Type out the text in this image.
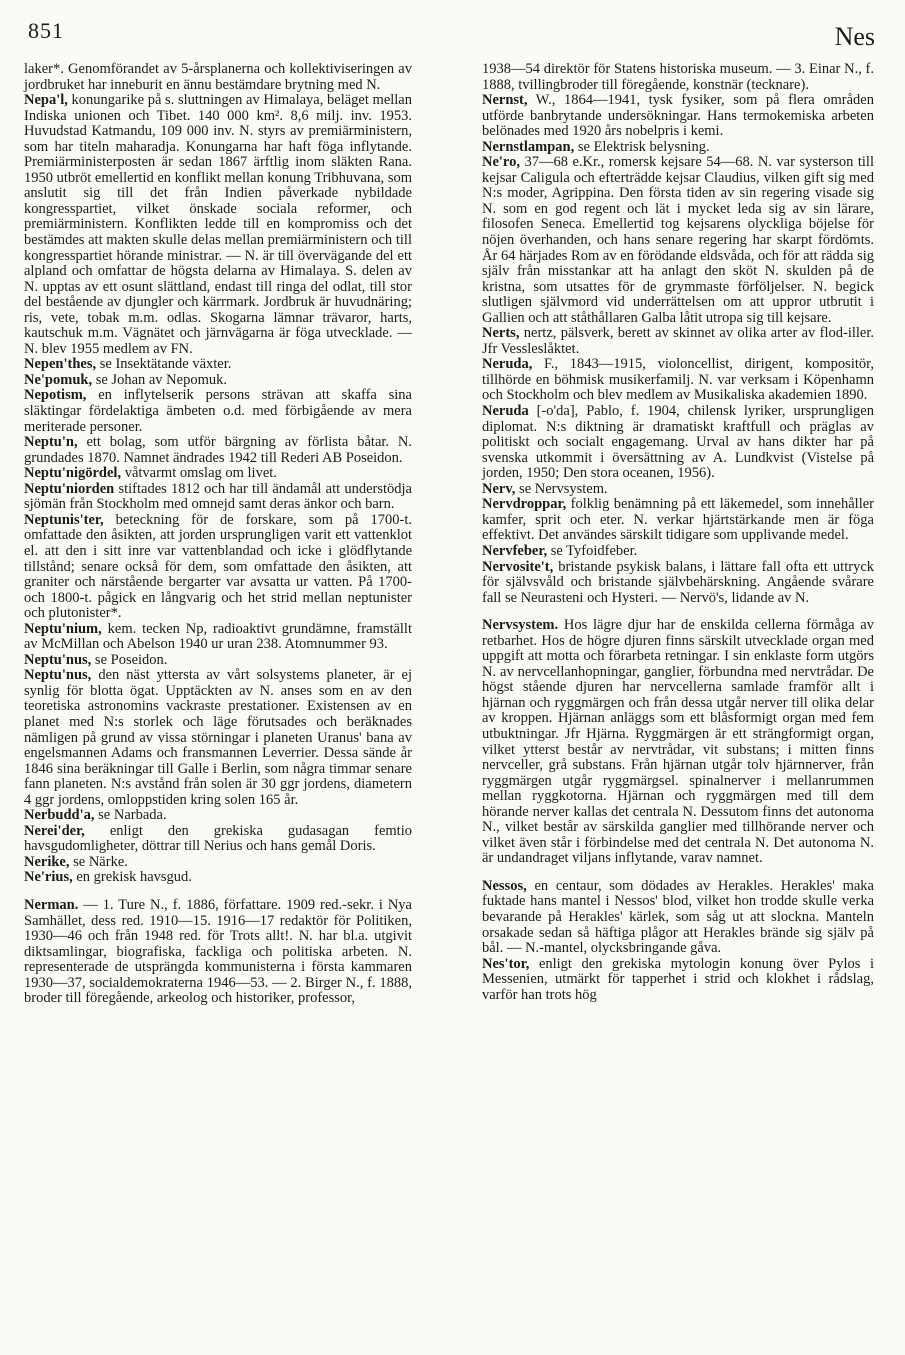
851	Nes

laker*. Genomförandet av 5-årsplanerna och kollektiviseringen av jordbruket har inneburit en ännu bestämdare brytning med N.

Nepa'l, konungarike på s. sluttningen av Himalaya, beläget mellan Indiska unionen och Tibet. 140 000 km². 8,6 milj. inv. 1953. Huvudstad Katmandu, 109 000 inv. N. styrs av premiärministern, som har titeln maharadja. Konungarna har haft föga inflytande. Premiärministerposten är sedan 1867 ärftlig inom släkten Rana. 1950 utbröt emellertid en konflikt mellan konung Tribhuvana, som anslutit sig till det från Indien påverkade nybildade kongresspartiet, vilket önskade sociala reformer, och premiärministern. Konflikten ledde till en kompromiss och det bestämdes att makten skulle delas mellan premiärministern och till kongresspartiet hörande ministrar. — N. är till övervägande del ett alpland och omfattar de högsta delarna av Himalaya. S. delen av N. upptas av ett osunt slättland, endast till ringa del odlat, till stor del bestående av djungler och kärrmark. Jordbruk är huvudnäring; ris, vete, tobak m.m. odlas. Skogarna lämnar trävaror, harts, kautschuk m.m. Vägnätet och järnvägarna är föga utvecklade. — N. blev 1955 medlem av FN.

Nepen'thes, se Insektätande växter.

Ne'pomuk, se Johan av Nepomuk.

Nepotism, en inflytelserik persons strävan att skaffa sina släktingar fördelaktiga ämbeten o.d. med förbigående av mera meriterade personer.

Neptu'n, ett bolag, som utför bärgning av förlista båtar. N. grundades 1870. Namnet ändrades 1942 till Rederi AB Poseidon.

Neptu'nigördel, våtvarmt omslag om livet.

Neptu'niorden stiftades 1812 och har till ändamål att understödja sjömän från Stockholm med omnejd samt deras änkor och barn.

Neptunis'ter, beteckning för de forskare, som på 1700-t. omfattade den åsikten, att jorden ursprungligen varit ett vattenklot el. att den i sitt inre var vattenblandad och icke i glödflytande tillstånd; senare också för dem, som omfattade den åsikten, att graniter och närstående bergarter var avsatta ur vatten. På 1700- och 1800-t. pågick en långvarig och het strid mellan neptunister och plutonister*.

Neptu'nium, kem. tecken Np, radioaktivt grundämne, framställt av McMillan och Abelson 1940 ur uran 238. Atomnummer 93.

Neptu'nus, se Poseidon.

Neptu'nus, den näst yttersta av vårt solsystems planeter, är ej synlig för blotta ögat. Upptäckten av N. anses som en av den teoretiska astronomins vackraste prestationer. Existensen av en planet med N:s storlek och läge förutsades och beräknades nämligen på grund av vissa störningar i planeten Uranus' bana av engelsmannen Adams och fransmannen Leverrier. Dessa sände år 1846 sina beräkningar till Galle i Berlin, som några timmar senare fann planeten. N:s avstånd från solen är 30 ggr jordens, diametern 4 ggr jordens, omloppstiden kring solen 165 år.

Nerbudd'a, se Narbada.

Nerei'der, enligt den grekiska gudasagan femtio havsgudomligheter, döttrar till Nerius och hans gemål Doris.

Nerike, se Närke.

Ne'rius, en grekisk havsgud.

Nerman. — 1. Ture N., f. 1886, författare. 1909 red.-sekr. i Nya Samhället, dess red. 1910—15. 1916—17 redaktör för Politiken, 1930—46 och från 1948 red. för Trots allt!. N. har bl.a. utgivit diktsamlingar, biografiska, fackliga och politiska arbeten. N. representerade de utsprängda kommunisterna i första kammaren 1930—37, socialdemokraterna 1946—53. — 2. Birger N., f. 1888, broder till föregående, arkeolog och historiker, professor,

1938—54 direktör för Statens historiska museum. — 3. Einar N., f. 1888, tvillingbroder till föregående, konstnär (tecknare).

Nernst, W., 1864—1941, tysk fysiker, som på flera områden utförde banbrytande undersökningar. Hans termokemiska arbeten belönades med 1920 års nobelpris i kemi.

Nernstlampan, se Elektrisk belysning.

Ne'ro, 37—68 e.Kr., romersk kejsare 54—68. N. var systerson till kejsar Caligula och efterträdde kejsar Claudius, vilken gift sig med N:s moder, Agrippina. Den första tiden av sin regering visade sig N. som en god regent och lät i mycket leda sig av sin lärare, filosofen Seneca. Emellertid tog kejsarens olyckliga böjelse för nöjen överhanden, och hans senare regering har skarpt fördömts. År 64 härjades Rom av en förödande eldsvåda, och för att rädda sig själv från misstankar att ha anlagt den sköt N. skulden på de kristna, som utsattes för de grymmaste förföljelser. N. begick slutligen självmord vid underrättelsen om att uppror utbrutit i Gallien och att ståthållaren Galba låtit utropa sig till kejsare.

Nerts, nertz, pälsverk, berett av skinnet av olika arter av flod-iller. Jfr Vessleslåktet.

Neruda, F., 1843—1915, violoncellist, dirigent, kompositör, tillhörde en böhmisk musikerfamilj. N. var verksam i Köpenhamn och Stockholm och blev medlem av Musikaliska akademien 1890.

Neruda [-o'da], Pablo, f. 1904, chilensk lyriker, ursprungligen diplomat. N:s diktning är dramatiskt kraftfull och präglas av politiskt och socialt engagemang. Urval av hans dikter har på svenska utkommit i översättning av A. Lundkvist (Vistelse på jorden, 1950; Den stora oceanen, 1956).

Nerv, se Nervsystem.

Nervdroppar, folklig benämning på ett läkemedel, som innehåller kamfer, sprit och eter. N. verkar hjärtstärkande men är föga effektivt. Det användes särskilt tidigare som upplivande medel.

Nervfeber, se Tyfoidfeber.

Nervosite't, bristande psykisk balans, i lättare fall ofta ett uttryck för självsvåld och bristande självbehärskning. Angående svårare fall se Neurasteni och Hysteri. — Nervö's, lidande av N.

Nervsystem. Hos lägre djur har de enskilda cellerna förmåga av retbarhet. Hos de högre djuren finns särskilt utvecklade organ med uppgift att motta och förarbeta retningar. I sin enklaste form utgörs N. av nervcellanhopningar, ganglier, förbundna med nervtrådar. De högst stående djuren har nervcellerna samlade framför allt i hjärnan och ryggmärgen och från dessa utgår nerver till olika delar av kroppen. Hjärnan anläggs som ett blåsformigt organ med fem utbuktningar. Jfr Hjärna. Ryggmärgen är ett strängformigt organ, vilket ytterst består av nervtrådar, vit substans; i mitten finns nervceller, grå substans. Från hjärnan utgår tolv hjärnnerver, från ryggmärgen utgår ryggmärgsel. spinalnerver i mellanrummen mellan ryggkotorna. Hjärnan och ryggmärgen med till dem hörande nerver kallas det centrala N. Dessutom finns det autonoma N., vilket består av särskilda ganglier med tillhörande nerver och vilket även står i förbindelse med det centrala N. Det autonoma N. är undandraget viljans inflytande, varav namnet.

Nessos, en centaur, som dödades av Herakles. Herakles' maka fuktade hans mantel i Nessos' blod, vilket hon trodde skulle verka bevarande på Herakles' kärlek, som såg ut att slockna. Manteln orsakade sedan så häftiga plågor att Herakles brände sig själv på bål. — N.-mantel, olycksbringande gåva.

Nes'tor, enligt den grekiska mytologin konung över Pylos i Messenien, utmärkt för tapperhet i strid och klokhet i rådslag, varför han trots hög
